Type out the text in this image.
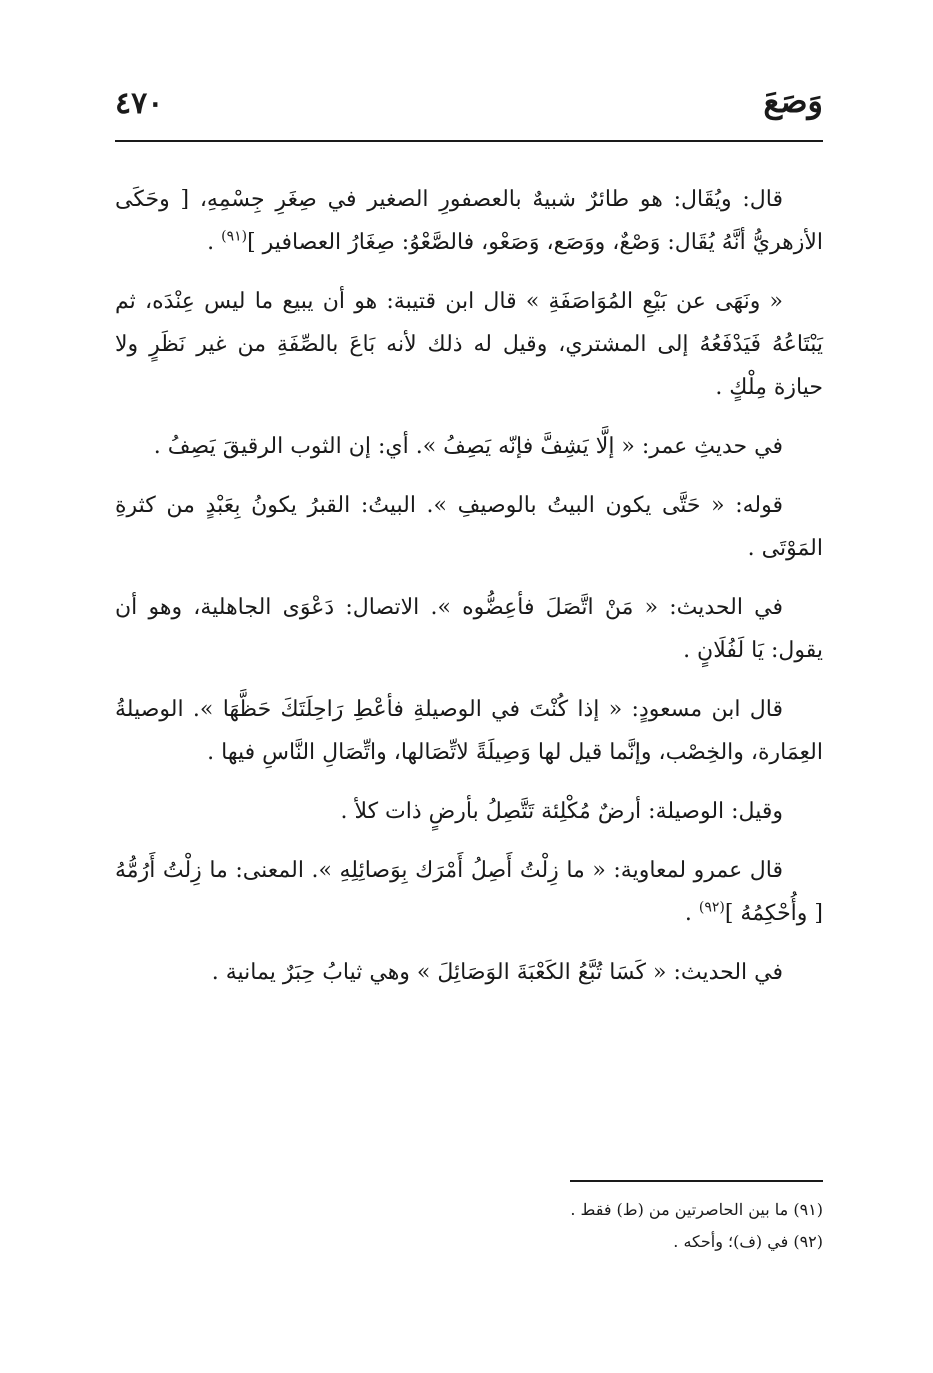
٤٧٠	وَصَعَ

قال: ويُقَال: هو طائرٌ شبيهٌ بالعصفورِ الصغير في صِغَرِ جِسْمِهِ، [ وحَكَى الأزهريُّ أنَّهُ يُقَال: وَصْعٌ، ووَصَع، وَصَعْو، فالصَّعْوُ: صِغَارُ العصافير ]$^{(٩١)}$ .

« ونَهَى عن بَيْعِ المُوَاصَفَةِ » قال ابن قتيبة: هو أن يبيع ما ليس عِنْدَه، ثم يَبْتَاعُهُ فَيَدْفَعُهُ إلى المشتري، وقيل له ذلك لأنه بَاعَ بالصِّفَةِ من غير نَظَرٍ ولا حيازة مِلْكٍ .

في حديثِ عمر: « إلَّا يَشِفَّ فإنّه يَصِفُ ». أي: إن الثوب الرقيقَ يَصِفُ .

قوله: « حَتَّى يكون البيتُ بالوصيفِ ». البيتُ: القبرُ يكونُ بِعَبْدٍ من كثرةِ المَوْتَى .

في الحديث: « مَنْ اتَّصَلَ فأعِضُّوه ». الاتصال: دَعْوَى الجاهلية، وهو أن يقول: يَا لَفُلَانٍ .

قال ابن مسعودٍ: « إذا كُنْتَ في الوصيلةِ فأعْطِ رَاحِلَتَكَ حَظَّهَا ». الوصيلةُ العِمَارة، والخِصْب، وإنَّما قيل لها وَصِيلَةً لاتِّصَالها، واتِّصَالِ النَّاسِ فيها .

وقيل: الوصيلة: أرضٌ مُكْلِئة تَتَّصِلُ بأرضٍ ذات كلأ .

قال عمرو لمعاوية: « ما زِلْتُ أَصِلُ أَمْرَك بِوَصائِلِهِ ». المعنى: ما زِلْتُ أَرُمُّهُ [ وأُحْكِمُهُ ]$^{(٩٢)}$ .

في الحديث: « كَسَا تُبَّعُ الكَعْبَةَ الوَصَائِلَ » وهي ثيابُ حِبَرٌ يمانية .

(٩١) ما بين الحاصرتين من (ط) فقط .

(٩٢) في (ف)؛ وأحكه .
